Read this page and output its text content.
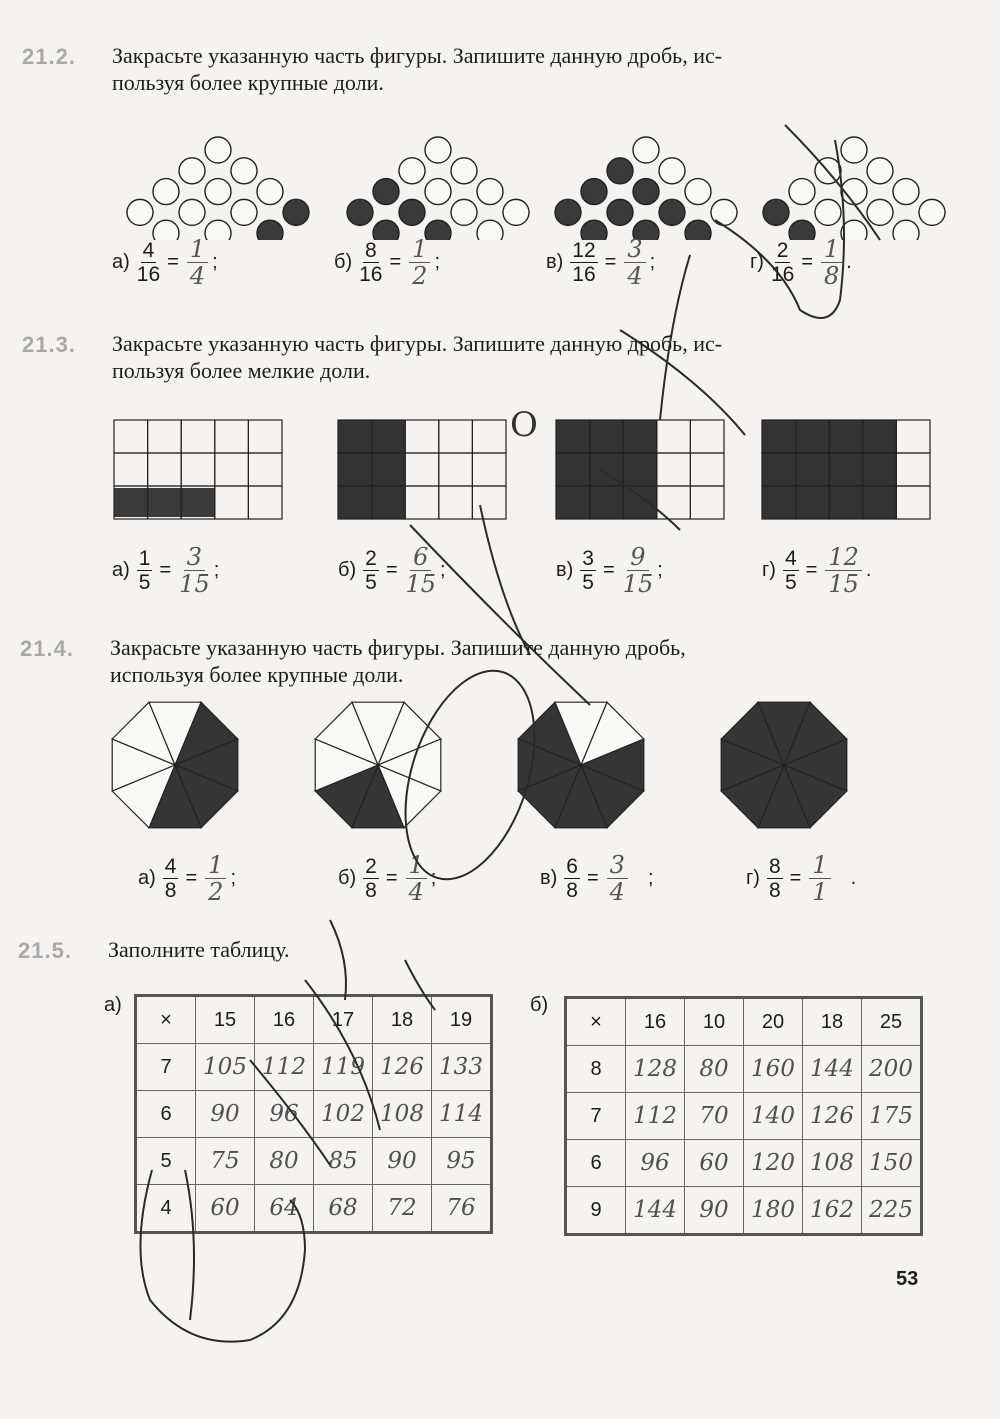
21.2. Закрасьте указанную часть фигуры. Запишите данную дробь, ис-
пользуя более крупные доли.
$а) \frac{4}{16} = \frac{1}{4}$ ;	$б) \frac{8}{16} = \frac{1}{2}$ ;	$в) \frac{12}{16} = \frac{3}{4}$ ;	$г) \frac{2}{16} = \frac{1}{8}$ .
21.3. Закрасьте указанную часть фигуры. Запишите данную дробь, ис-
пользуя более мелкие доли.
$а) \frac{1}{5} = \frac{3}{15}$ ;	$б) \frac{2}{5} = \frac{6}{15}$ ;	$в) \frac{3}{5} = \frac{9}{15}$ ;	$г) \frac{4}{5} = \frac{12}{15}$ .
21.4. Закрасьте указанную часть фигуры. Запишите данную дробь,
используя более крупные доли.
$а) \frac{4}{8} = \frac{1}{2}$ ;	$б) \frac{2}{8} = \frac{1}{4}$ ;	$в) \frac{6}{8} = \frac{3}{4}$ ;	$г) \frac{8}{8} = \frac{1}{1}$ .
21.5. Заполните таблицу.
а)
×	15	16	17	18	19
7	105	112	119	126	133
6	90	96	102	108	114
5	75	80	85	90	95
4	60	64	68	72	76
б)
×	16	10	20	18	25
8	128	80	160	144	200
7	112	70	140	126	175
6	96	60	120	108	150
9	144	90	180	162	225
53
О
